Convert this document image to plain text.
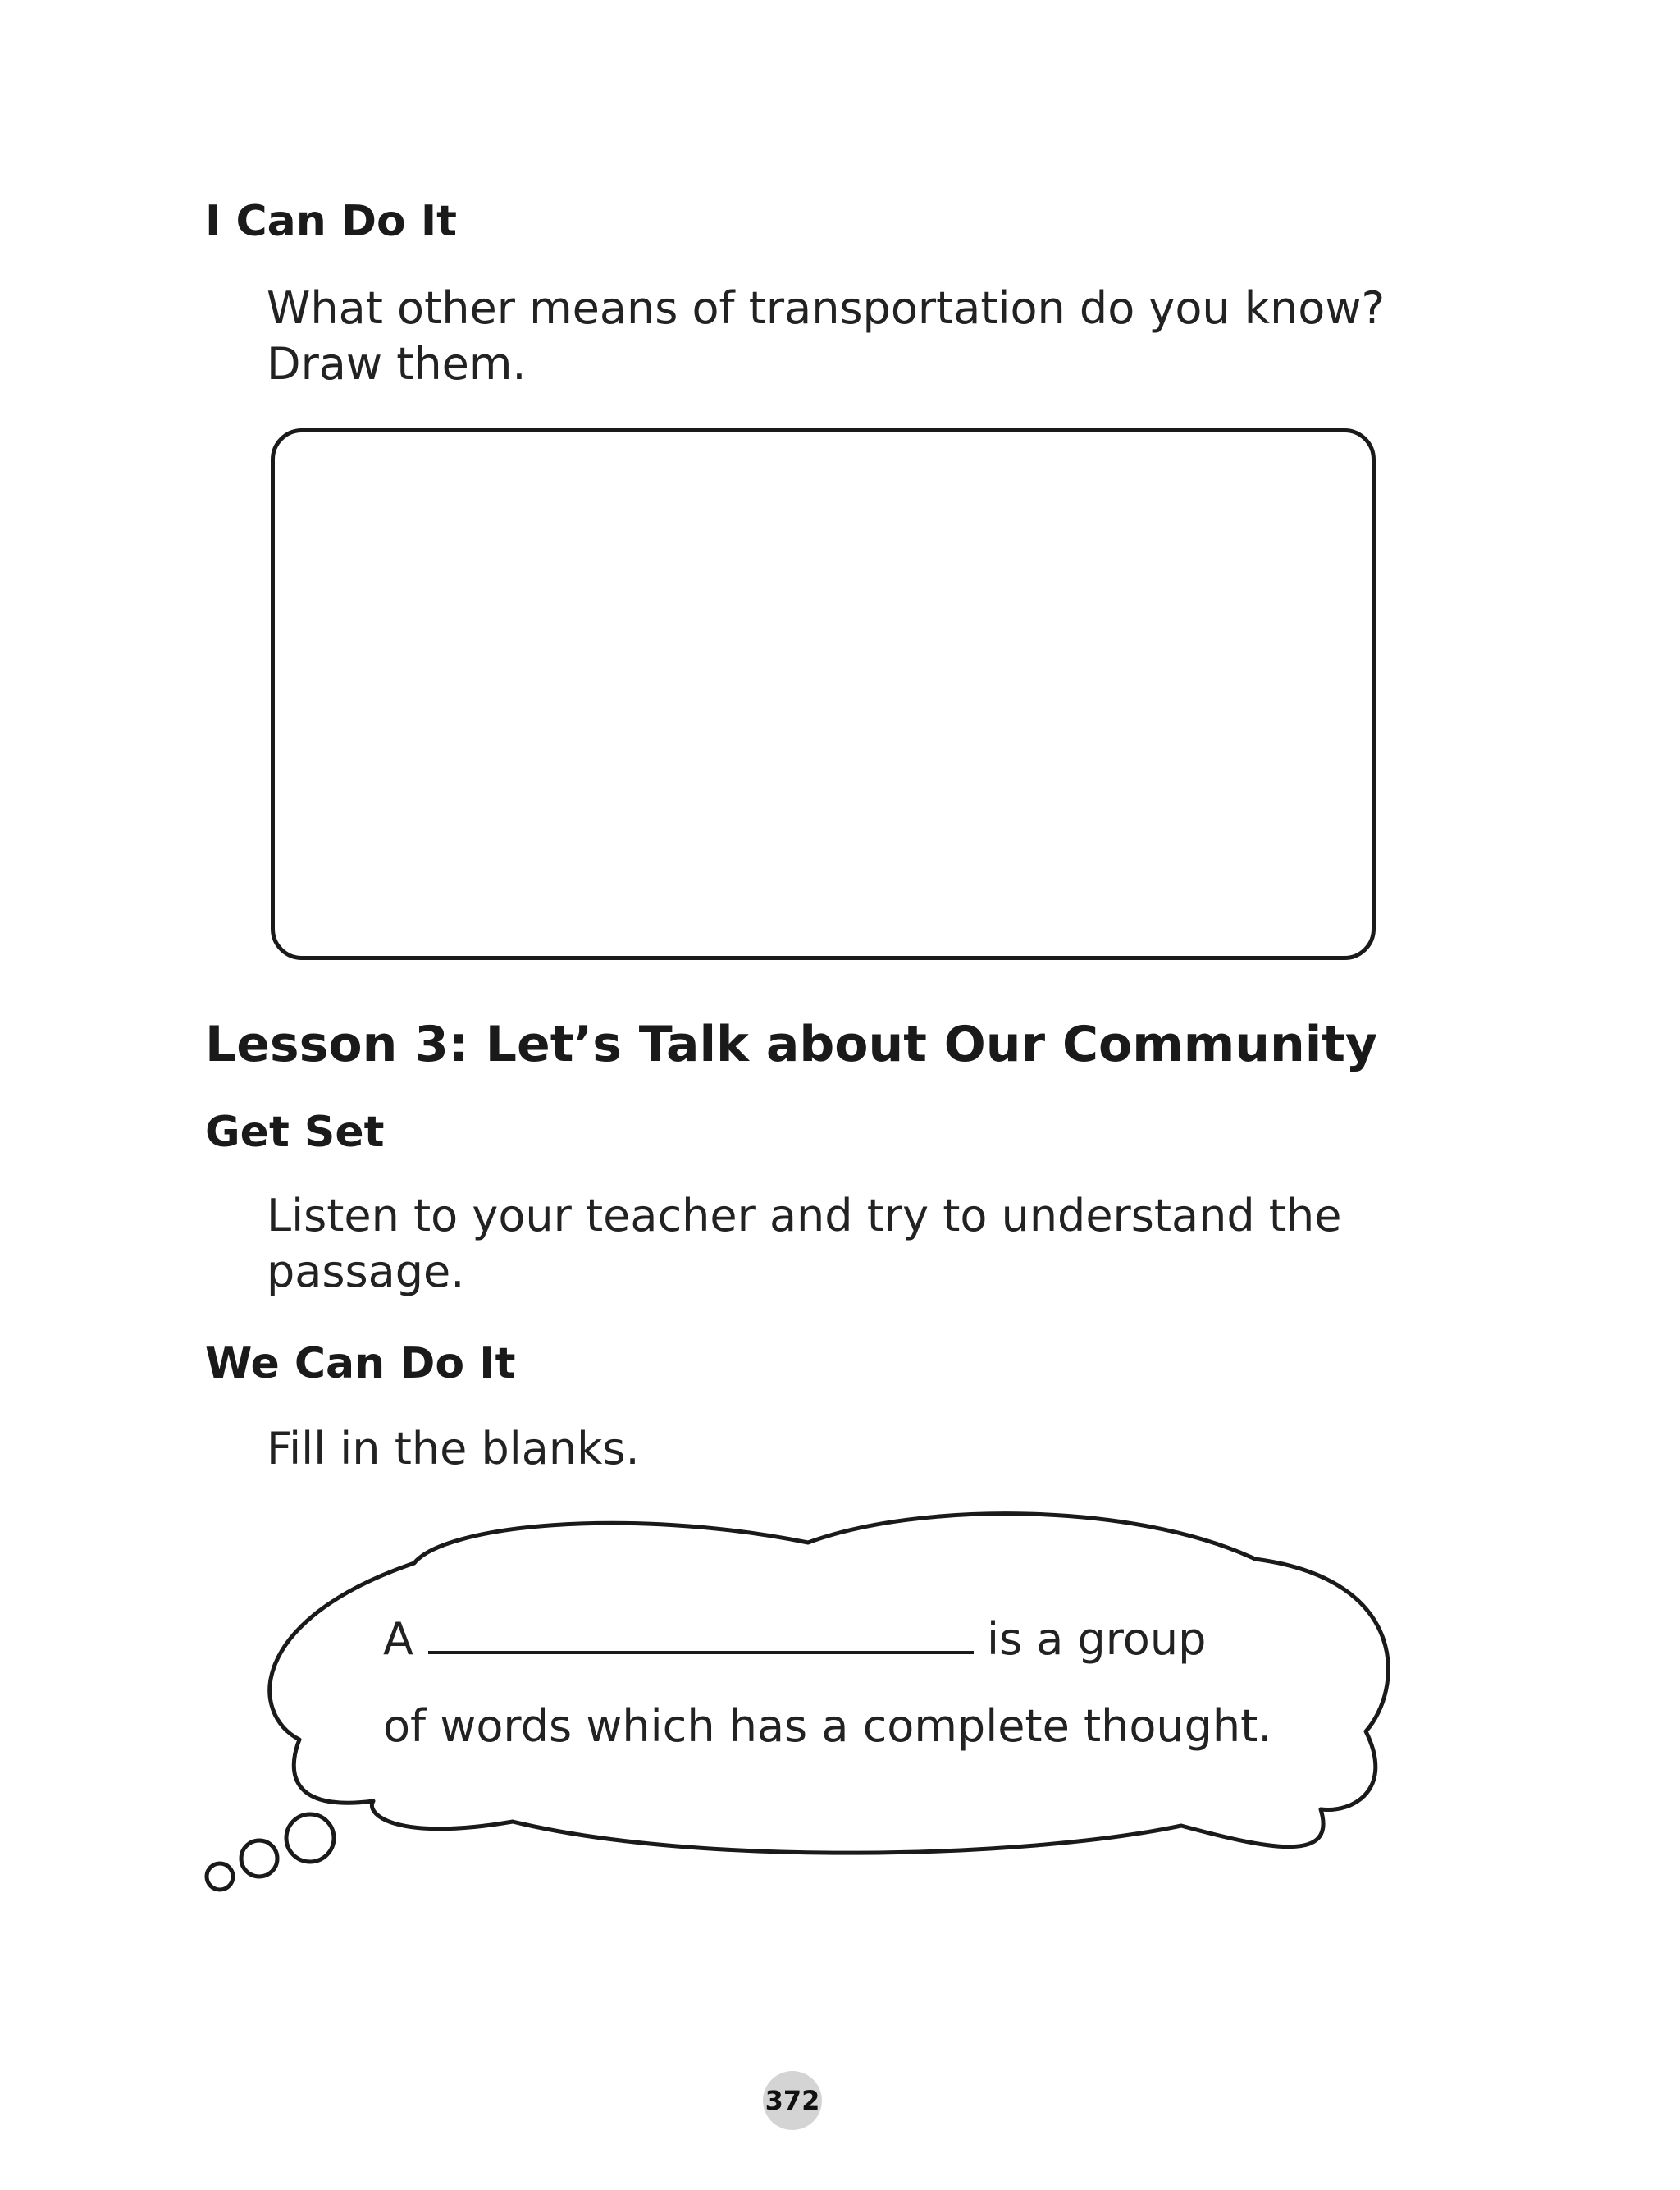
I Can Do It

What other means of transportation do you know?
Draw them.

Lesson 3: Let’s Talk about Our Community
Get Set

Listen to your teacher and try to understand the
passage.

We Can Do It

Fill in the blanks.

A	is a group

of words which has a complete thought.

372
